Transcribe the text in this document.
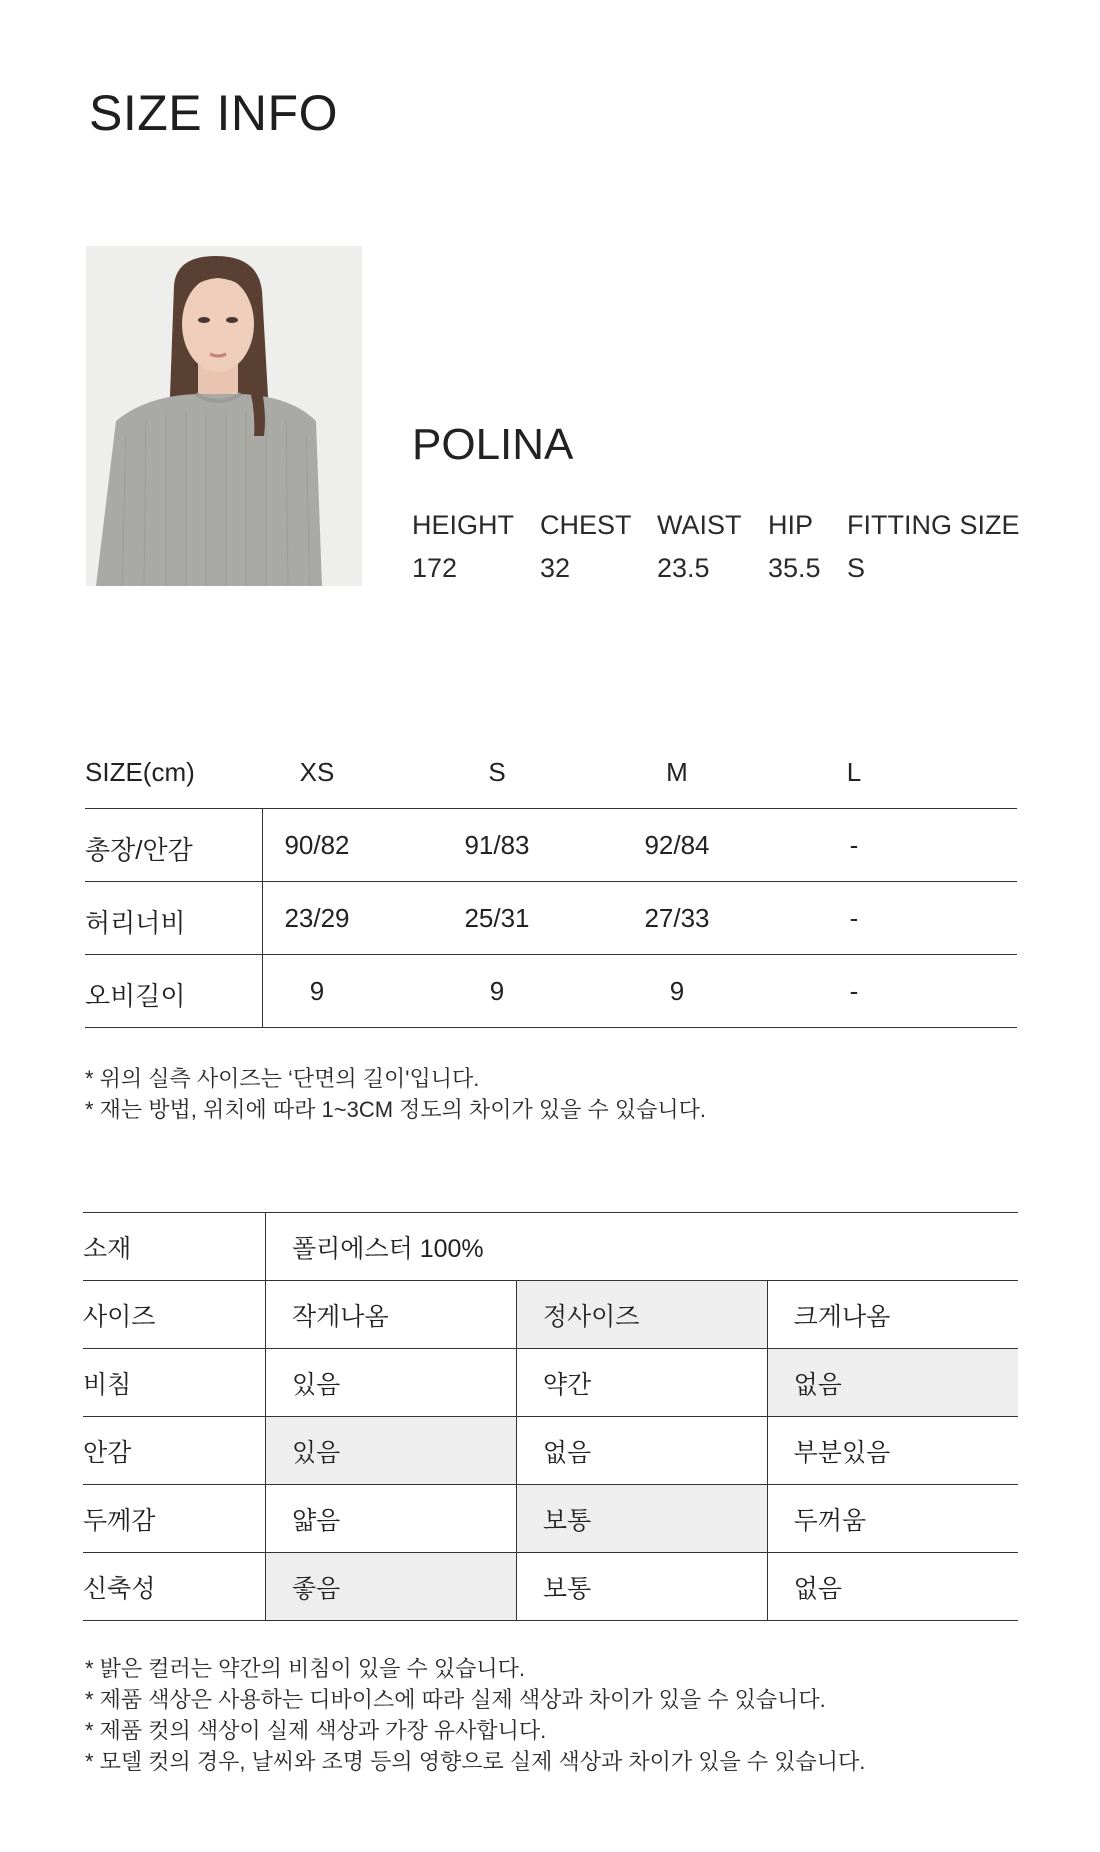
SIZE INFO
POLINA
HEIGHT CHEST WAIST HIP FITTING SIZE
172	32	23.5 35.5 S
SIZE(cm)	XS	S	M	L
총장/안감	90/82	91/83	92/84	-
허리너비	23/29	25/31	27/33	-
오비길이	9	9	9	-
* 위의 실측 사이즈는 ‘단면의 길이'입니다.
* 재는 방법, 위치에 따라 1~3CM 정도의 차이가 있을 수 있습니다.
소재	폴리에스터 100%		
사이즈	작게나옴	정사이즈	크게나옴
비침	있음	약간	없음
안감	있음	없음	부분있음
두께감	얇음	보통	두꺼움
신축성	좋음	보통	없음
* 밝은 컬러는 약간의 비침이 있을 수 있습니다.
* 제품 색상은 사용하는 디바이스에 따라 실제 색상과 차이가 있을 수 있습니다.
* 제품 컷의 색상이 실제 색상과 가장 유사합니다.
* 모델 컷의 경우, 날씨와 조명 등의 영향으로 실제 색상과 차이가 있을 수 있습니다.
